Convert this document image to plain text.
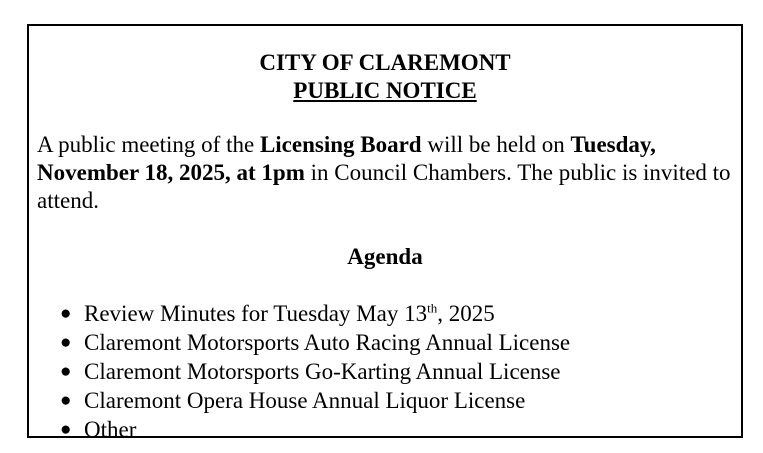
CITY OF CLAREMONT
PUBLIC NOTICE
A public meeting of the Licensing Board will be held on Tuesday, November 18, 2025, at 1pm in Council Chambers. The public is invited to attend.
Agenda
● Review Minutes for Tuesday May 13th, 2025
● Claremont Motorsports Auto Racing Annual License
● Claremont Motorsports Go-Karting Annual License
● Claremont Opera House Annual Liquor License
● Other
